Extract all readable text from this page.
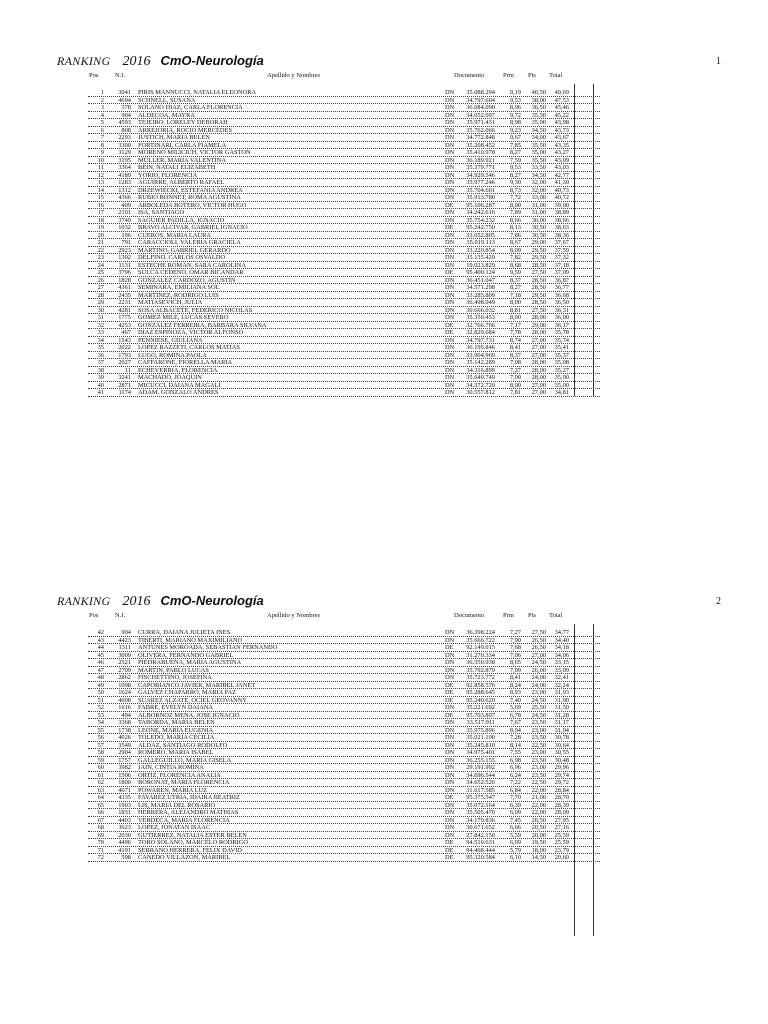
RANKING 2016 CmO-Neurología	1
Pos	N.I.	Apellido y Nombres	Documento	Prm Pts Total
1	3041 PIRIS MANNUCCI, NATALIA ELEONORA	DN	35.088.294	9,19	40,50	49,69
2	4694 SCHNELL, SUSANA	DN	34.797.604	9,53	38,00	47,53
3	378 SOLANO DÍAZ, CARLA FLORENCIA	DN	36.084.090	8,96	36,50	45,46
4	904 ALDECOA, MAYRA	DN	34.652.097	9,72	35,50	45,22
5	4593 TEJEIRO, LORELEY DEBORAH	DN	35.971.431	8,98	35,00	43,98
6	808 ARREJORIA, ROCIO MERCEDES	DN	35.762.066	9,23	34,50	43,73
7	2293 JUSTICH, MARIA BELEN	DN	34.772.848	9,67	34,00	43,67
8	3300 FORTINARI, CARLA FIAMELA	DN	35.208.452	7,85	35,50	43,35
9	3129 MORENO MILICICH, VICTOR GASTON	DN	35.410.978	8,27	35,00	43,27
10	3195 MÜLLER, MARÍA VALENTINA	DN	36.189.921	7,59	35,50	43,09
11	3364 BEIN, NATALI ELIZABETH	DN	35.379.771	9,53	33,50	43,03
12	4189 YORIO, FLORENCIA	DN	34.929.546	8,27	34,50	42,77
13	1283 AGUIRRE, ALBERTO RAFAEL	DN	35.977.246	9,30	32,00	41,30
14	1312 DRZEWIECKI, ESTEFANIA ANDREA	DN	35.704.601	8,73	32,00	40,73
15	4366 RUBIO BONNET, ROMA AGUSTINA	DN	35.913.780	7,72	33,00	40,72
16	409 ARBOLEDA BOTERO, VICTOR HUGO	DE	95.106.287	8,00	31,00	39,00
17	2101 ISA, SANTIAGO	DN	34.242.616	7,89	31,00	38,89
18	3749 SAGUIER PADILLA, IGNACIO	DN	35.754.232	8,66	30,00	38,66
19	1032 BRAVO ALCIVAR, GABRIEL IGNACIO	DE	95.242.750	8,13	30,50	38,63
20	196 CUEROS, MARIA LAURA	DN	33.652.805	7,86	30,50	38,36
21	791 CARACCIOLI, VALERIA GRACIELA	DN	35.019.113	8,67	29,00	37,67
22	2923 MARTINO, GABRIEL GERARDO	DN	33.220.854	8,09	29,50	37,59
23	1302 DELFINO, CARLOS OSVALDO	DN	35.135.429	7,82	29,50	37,32
24	1131 ESTECHE ROMÁN, SARA CAROLINA	DN	19.023.829	8,68	28,50	37,18
25	3796 SULCA CEDENO, OMAR BICANDAR	DE	95.400.124	9,59	27,50	37,09
26	1828 GONZALEZ CARDOZO, AGUSTÍN	DN	36.451.047	8,37	28,50	36,87
27	4361 SEMINARA, EMILIANA SOL	DN	34.571.298	8,27	28,50	36,77
28	2435 MARTINEZ, RODRIGO LUIS	DN	33.285.809	7,18	29,50	36,68
29	2231 MATIASEVICH, JULIA	DN	36.498.049	8,00	28,50	36,50
30	4281 SOSA ALBACETE, FEDERICO NICOLAS	DN	30.666.032	8,81	27,50	36,31
31	1775 GOMEZ MILE, LUCAS SEVERO	DN	35.350.453	8,00	28,00	36,00
32	4253 GONZÁLEZ FERREIRA, BÁRBARA SILVANA	DE	32.766.766	7,17	29,00	36,17
33	467 DIAZ ESPINOZA, VICTOR ALFONSO	DE	32.829.684	7,78	28,00	35,78
34	1543 PENNIESE, GIULIANA	DN	34.797.731	8,74	27,00	35,74
35	2022 LOPEZ RAZZETI, CARLOS MATIAS	DN	36.195.846	8,41	27,00	35,41
36	1793 LUGO, ROMINA PAOLA	DN	33.904.969	8,37	27,00	35,37
37	2027 CAFFARONE, FIORELLA MARÍA	DN	35.142.289	7,08	28,00	35,08
38	11 ECHEVERRIA, FLORENCIA	DN	34.116.899	7,27	28,00	35,27
39	3241 MACHADO, JOAQUIN	DN	35.640.749	7,00	28,00	35,00
40	2871 MICUCCI, DAIANA MAGALÍ	DN	34.372.720	8,00	27,00	35,00
41	1174 ADAM, GONZALO ANDRES	DN	30.557.812	7,81	27,00	34,81
RANKING 2016 CmO-Neurología	2
Pos	N.I.	Apellido y Nombres	Documento	Prm Pts Total
42	904 CURRA, DAIANA JULIETA INES	DN	36.398.224	7,27	27,50	34,77
43	4423 TIBERTI, MARIANO MAXIMILIANO	DN	35.666.722	7,90	26,50	34,40
44	1311 ANTUNES MOROADA, SEBASTIAN FERNANDO	DE	92.149.015	7,68	26,50	34,18
45	3009 OLIVERA, FERNANDO GABRIEL	DN	31.270.334	7,06	27,00	34,06
46	2521 PIEDRABUENA, MARÍA AGUSTINA	DN	36.350.938	8,65	24,50	33,15
47	2709 MARTIN, PABLO LUCAS	DN	35.792.879	7,09	26,00	33,09
48	2862 FISCHETTINO, JOSEFINA	DN	35.723.772	8,41	24,00	32,41
49	1098 CAPOBIANCO JAVIER, MARIBEL JANET	DE	92.858.576	8,24	24,00	32,24
50	1624 GALVEZ CHAPARRO, MARIA PAZ	DE	95.288.645	8,93	23,00	31,93
51	4008 SUAREZ ALZATE, OCIEL GEOVANNY	DE	95.240.620	7,40	24,50	31,90
52	1016 FABRE, EVELYN DAIANA	DN	35.221.692	5,69	25,50	31,50
53	494 ALBORNOZ MENA, JOSE IGNACIO	DE	95.703.897	6,78	24,50	31,28
54	3368 TABORDA, MARIA BELEN	DN	33.517.911	7,67	23,50	31,17
55	1738 LEONE, MARÍA EUGENIA	DN	35.975.896	8,04	23,00	31,04
56	4026 TOLEDO, MARÍA CECILIA	DN	35.021.100	7,28	23,50	30,78
57	3549 ALDAZ, SANTIAGO RODOLFO	DN	35.245.810	8,14	22,50	30,64
58	2904 ROMERO, MARIA ISABEL	DN	34.975.401	7,55	23,00	30,55
59	1757 GALLEGUILLO, MARIA GISELA	DN	36.255.155	6,98	23,50	30,48
60	3982 JAIN, CINTIA ROMINA	DN	29.191.992	6,96	23,00	29,96
61	1506 ORTIZ, FLORENCIA ANALIA	DN	34.696.544	6,24	23,50	29,74
62	1800 BORONAT, MARIA FLORENCIA	DN	34.652.526	7,22	22,50	29,72
63	4671 POWAREN, MARIA LUZ	DN	31.617.585	6,84	22,00	28,84
64	4335 FAYAREZ UTRIA, IDAIRA BEATRIZ	DE	95.375.547	7,70	21,00	28,70
65	1903 LIS, MARIA DEL ROSARIO	DN	35.072.164	6,39	22,00	28,39
66	1831 HERRERA, ALEJANDRO MATHIAS	DN	35.505.470	6,09	22,00	28,09
67	4403 VERDECA, MARIA FLORENCIA	DN	34.179.836	7,45	20,50	27,95
68	3623 LOPEZ, JONATAN ISAAC	DN	30.671.652	6,66	20,50	27,16
69	2030 GUTIERREZ, NATALIA ESTER BELEN	DN	27.842.150	5,59	20,00	25,59
70	4496 TORO SOLANO, MARCELO RODRIGO	DE	94.510.631	6,09	19,50	25,59
71	4191 SERRANO HERRERA, FELIX DAVID	DE	94.468.444	5,79	18,00	23,79
72	598 CANEDO VILLAZON, MARIBEL	DE	95.320.584	6,10	14,50	20,60
